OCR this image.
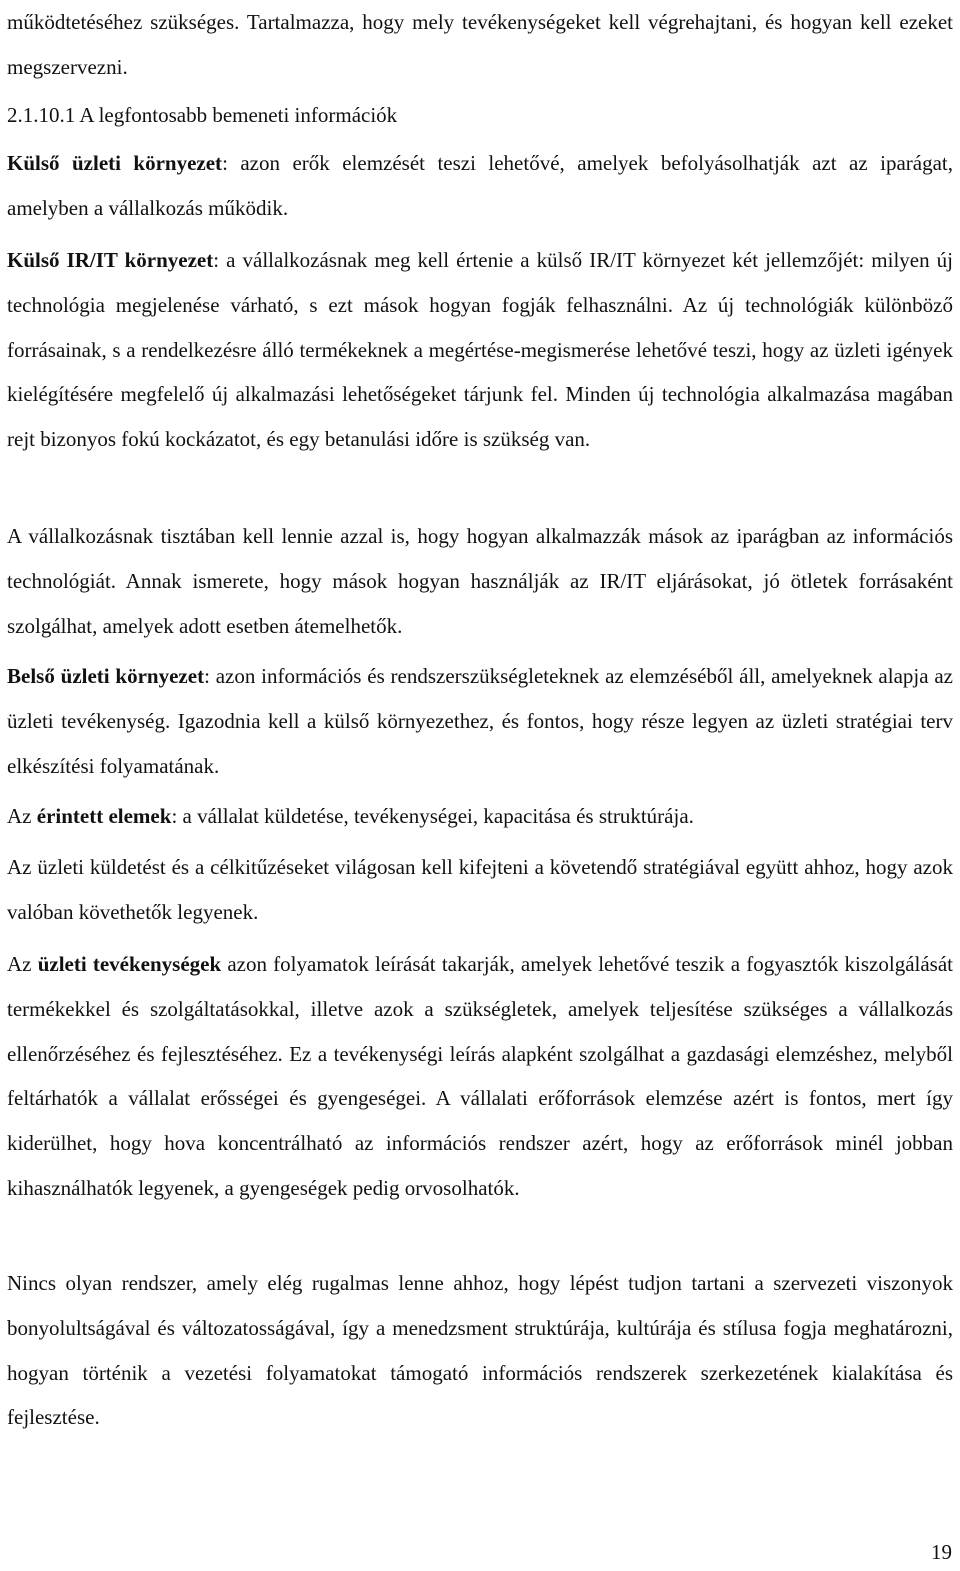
működtetéséhez szükséges. Tartalmazza, hogy mely tevékenységeket kell végrehajtani, és hogyan kell ezeket megszervezni.

2.1.10.1 A legfontosabb bemeneti információk

Külső üzleti környezet: azon erők elemzését teszi lehetővé, amelyek befolyásolhatják azt az iparágat, amelyben a vállalkozás működik.

Külső IR/IT környezet: a vállalkozásnak meg kell értenie a külső IR/IT környezet két jellemzőjét: milyen új technológia megjelenése várható, s ezt mások hogyan fogják felhasználni. Az új technológiák különböző forrásainak, s a rendelkezésre álló termékeknek a megértése-megismerése lehetővé teszi, hogy az üzleti igények kielégítésére megfelelő új alkalmazási lehetőségeket tárjunk fel. Minden új technológia alkalmazása magában rejt bizonyos fokú kockázatot, és egy betanulási időre is szükség van.

A vállalkozásnak tisztában kell lennie azzal is, hogy hogyan alkalmazzák mások az iparágban az információs technológiát. Annak ismerete, hogy mások hogyan használják az IR/IT eljárásokat, jó ötletek forrásaként szolgálhat, amelyek adott esetben átemelhetők.

Belső üzleti környezet: azon információs és rendszerszükségleteknek az elemzéséből áll, amelyeknek alapja az üzleti tevékenység. Igazodnia kell a külső környezethez, és fontos, hogy része legyen az üzleti stratégiai terv elkészítési folyamatának.

Az érintett elemek: a vállalat küldetése, tevékenységei, kapacitása és struktúrája.

Az üzleti küldetést és a célkitűzéseket világosan kell kifejteni a követendő stratégiával együtt ahhoz, hogy azok valóban követhetők legyenek.

Az üzleti tevékenységek azon folyamatok leírását takarják, amelyek lehetővé teszik a fogyasztók kiszolgálását termékekkel és szolgáltatásokkal, illetve azok a szükségletek, amelyek teljesítése szükséges a vállalkozás ellenőrzéséhez és fejlesztéséhez. Ez a tevékenységi leírás alapként szolgálhat a gazdasági elemzéshez, melyből feltárhatók a vállalat erősségei és gyengeségei. A vállalati erőforrások elemzése azért is fontos, mert így kiderülhet, hogy hova koncentrálható az információs rendszer azért, hogy az erőforrások minél jobban kihasználhatók legyenek, a gyengeségek pedig orvosolhatók.

Nincs olyan rendszer, amely elég rugalmas lenne ahhoz, hogy lépést tudjon tartani a szervezeti viszonyok bonyolultságával és változatosságával, így a menedzsment struktúrája, kultúrája és stílusa fogja meghatározni, hogyan történik a vezetési folyamatokat támogató információs rendszerek szerkezetének kialakítása és fejlesztése.

19
